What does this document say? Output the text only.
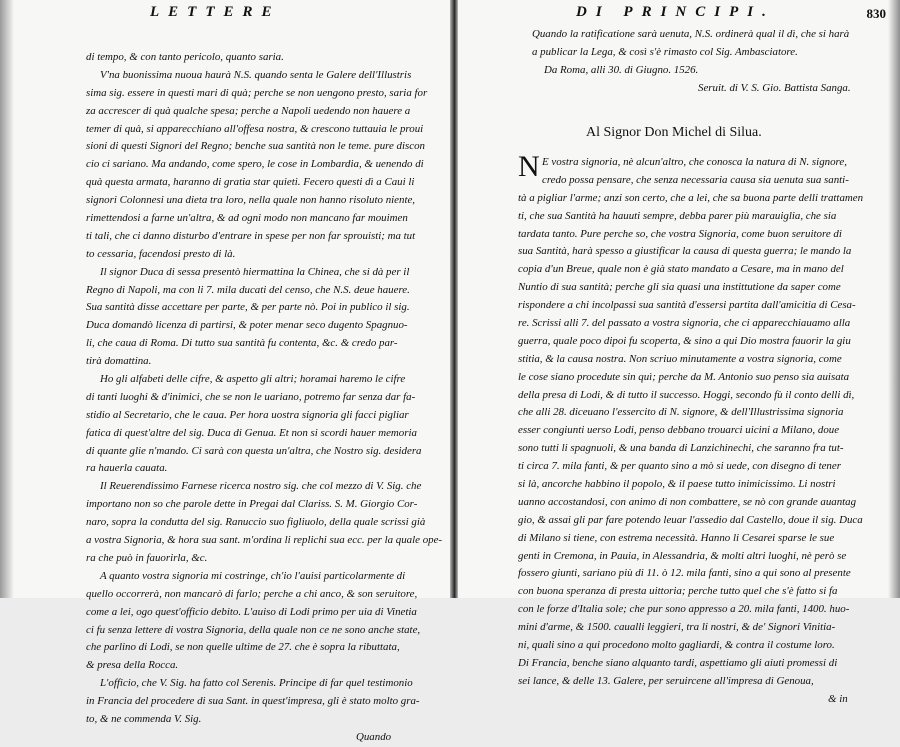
LETTERE
di tempo, & con tanto pericolo, quanto saria.
V'na buonissima nuoua haurà N.S. quando senta le Galere dell'Illustris
sima sig. essere in questi mari di quà; perche se non uengono presto, saria for
za accrescer di quà qualche spesa; perche a Napoli uedendo non hauere a
temer di quà, si apparecchiano all'offesa nostra, & crescono tuttauia le proui
sioni di questi Signori del Regno; benche sua santità non le teme. pure discon
cio ci sariano. Ma andando, come spero, le cose in Lombardia, & uenendo di
quà questa armata, haranno di gratia star quieti. Fecero questi dì a Caui li
signori Colonnesi una dieta tra loro, nella quale non hanno risoluto niente,
rimettendosi a farne un'altra, & ad ogni modo non mancano far mouimen
ti tali, che ci danno disturbo d'entrare in spese per non far sprouisti; ma tut
to cessaria, facendosi presto di là.
Il signor Duca di sessa presentò hiermattina la Chinea, che si dà per il
Regno di Napoli, ma con li 7. mila ducati del censo, che N.S. deue hauere.
Sua santità disse accettare per parte, & per parte nò. Poi in publico il sig.
Duca domandò licenza di partirsi, & poter menar seco dugento Spagnuo-
li, che caua di Roma. Di tutto sua santità fu contenta, &c. & credo par-
tirà domattina.
Ho gli alfabeti delle cifre, & aspetto gli altri; horamai haremo le cifre
di tanti luoghi & d'inimici, che se non le uariano, potremo far senza dar fa-
stidio al Secretario, che le caua. Per hora uostra signoria gli facci pigliar
fatica di quest'altre del sig. Duca di Genua. Et non si scordi hauer memoria
di quante glie n'mando. Ci sarà con questa un'altra, che Nostro sig. desidera
ra hauerla cauata.
Il Reuerendissimo Farnese ricerca nostro sig. che col mezzo di V. Sig. che
importano non so che parole dette in Pregai dal Clariss. S. M. Giorgio Cor-
naro, sopra la condutta del sig. Ranuccio suo figliuolo, della quale scrissi già
a vostra Signoria, & hora sua sant. m'ordina li replichi sua ecc. per la quale ope-
ra che può in fauorirla, &c.
A quanto vostra signoria mi costringe, ch'io l'auisi particolarmente di
quello occorrerà, non mancarò di farlo; perche a chi anco, & son seruitore,
come a lei, ogo quest'officio debito. L'auiso di Lodi primo per uia di Vinetia
ci fu senza lettere di vostra Signoria, della quale non ce ne sono anche state,
che parlino di Lodi, se non quelle ultime de 27. che è sopra la ributtata,
& presa della Rocca.
L'officio, che V. Sig. ha fatto col Serenis. Principe di far quel testimonio
in Francia del procedere di sua Sant. in quest'impresa, gli è stato molto gra-
to, & ne commenda V. Sig.
Quando
DI PRINCIPI.	830
Quando la ratificatione sarà uenuta, N.S. ordinerà qual il dì, che si harà
a publicar la Lega, & così s'è rimasto col Sig. Ambasciatore.
Da Roma, alli 30. di Giugno. 1526.
Seruit. di V. S. Gio. Battista Sanga.
Al Signor Don Michel di Silua.
N E vostra signoria, nè alcun'altro, che conosca la natura di N. signore,
credo possa pensare, che senza necessaria causa sia uenuta sua santi-
tà a pigliar l'arme; anzi son certo, che a lei, che sa buona parte delli trattamen
ti, che sua Santità ha hauuti sempre, debba parer più marauiglia, che sia
tardata tanto. Pure perche so, che vostra Signoria, come buon seruitore di
sua Santità, harà spesso a giustificar la causa di questa guerra; le mando la
copia d'un Breue, quale non è già stato mandato a Cesare, ma in mano del
Nuntio di sua santità; perche gli sia quasi una instittutione da saper come
rispondere a chi incolpassi sua santità d'essersi partita dall'amicitia di Cesa-
re. Scrissi alli 7. del passato a vostra signoria, che ci apparecchiauamo alla
guerra, quale poco dipoi fu scoperta, & sino a qui Dio mostra fauorir la giu
stitia, & la causa nostra. Non scriuo minutamente a vostra signoria, come
le cose siano procedute sin quì; perche da M. Antonio suo penso sia auisata
della presa di Lodi, & di tutto il successo. Hoggi, secondo fù il conto delli dì,
che alli 28. diceuano l'essercito di N. signore, & dell'Illustrissima signoria
esser congiunti uerso Lodi, penso debbano trouarci uicini a Milano, doue
sono tutti li spagnuoli, & una banda di Lanzichinechi, che saranno fra tut-
ti circa 7. mila fanti, & per quanto sino a mò si uede, con disegno di tener
si là, ancorche habbino il popolo, & il paese tutto inimicissimo. Li nostri
uanno accostandosi, con animo di non combattere, se nò con grande auantag
gio, & assai gli par fare potendo leuar l'assedio dal Castello, doue il sig. Duca
di Milano si tiene, con estrema necessità. Hanno li Cesarei sparse le sue
genti in Cremona, in Pauia, in Alessandria, & molti altri luoghi, nè però se
fossero giunti, sariano più di 11. ò 12. mila fanti, sino a qui sono al presente
con buona speranza di presta uittoria; perche tutto quel che s'è fatto si fa
con le forze d'Italia sole; che pur sono appresso a 20. mila fanti, 1400. huo-
mini d'arme, & 1500. caualli leggieri, tra li nostri, & de' Signori Vinitia-
ni, quali sino a qui procedono molto gagliardi, & contra il costume loro.
Di Francia, benche siano alquanto tardi, aspettiamo gli aiuti promessi di
sei lance, & delle 13. Galere, per seruircene all'impresa di Genoua,
& in
